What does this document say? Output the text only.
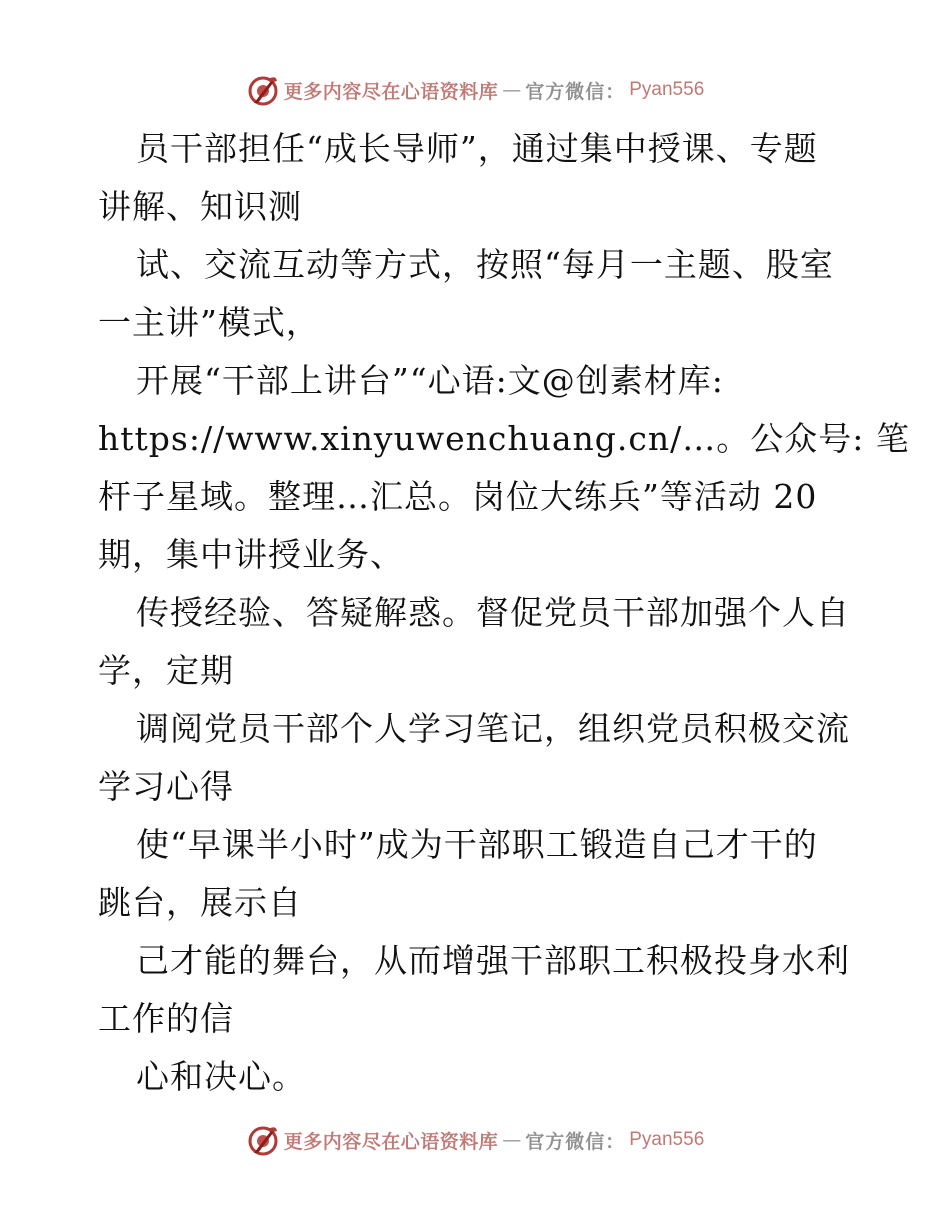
更多内容尽在心语资料库 — 官方微信： Pyan556
员干部担任“成长导师”，通过集中授课、专题
讲解、知识测
试、交流互动等方式，按照“每月一主题、股室
一主讲”模式，
开展“干部上讲台”“心语:文@创素材库:
https://www.xinyuwenchuang.cn/…。公众号: 笔
杆子星域。整理…汇总。岗位大练兵”等活动 20
期，集中讲授业务、
传授经验、答疑解惑。督促党员干部加强个人自
学，定期
调阅党员干部个人学习笔记，组织党员积极交流
学习心得
使“早课半小时”成为干部职工锻造自己才干的
跳台，展示自
己才能的舞台，从而增强干部职工积极投身水利
工作的信
心和决心。
更多内容尽在心语资料库 — 官方微信： Pyan556
